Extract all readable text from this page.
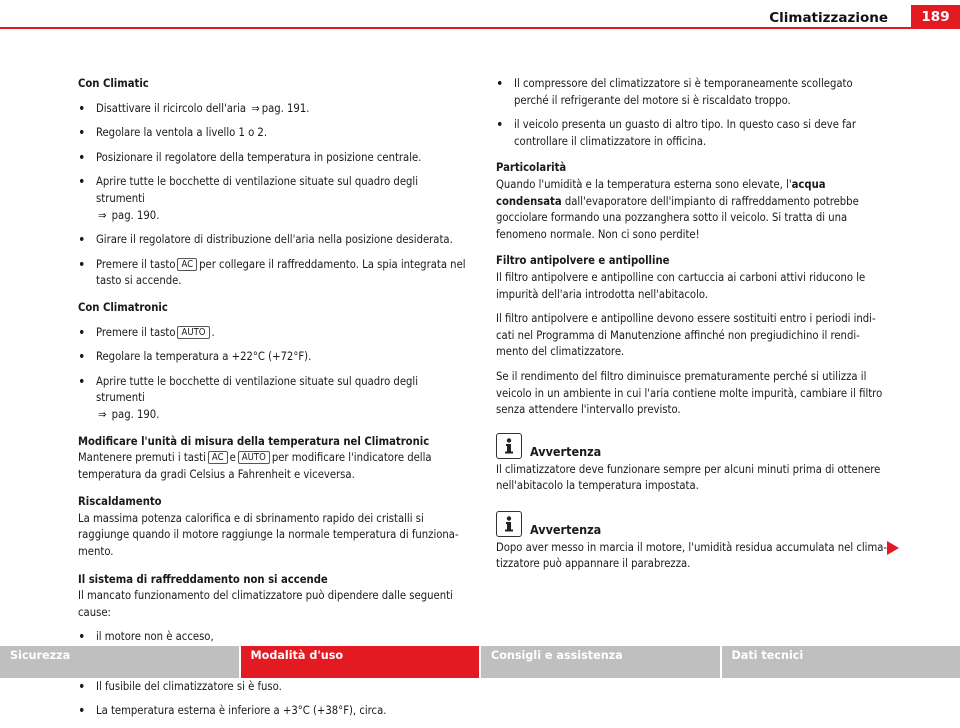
Climatizzazione	189
Con Climatic
• Disattivare il ricircolo dell'aria ⇒ pag. 191.
• Regolare la ventola a livello 1 o 2.
• Posizionare il regolatore della temperatura in posizione centrale.
• Aprire tutte le bocchette di ventilazione situate sul quadro degli strumenti
⇒ pag. 190.
• Girare il regolatore di distribuzione dell'aria nella posizione desiderata.
• Premere il tasto AC per collegare il raffreddamento. La spia integrata nel tasto si accende.
Con Climatronic
• Premere il tasto AUTO .
• Regolare la temperatura a +22°C (+72°F).
• Aprire tutte le bocchette di ventilazione situate sul quadro degli strumenti
⇒ pag. 190.
Modificare l'unità di misura della temperatura nel Climatronic

Mantenere premuti i tasti AC e AUTO per modificare l'indicatore della temperatura da gradi Celsius a Fahrenheit e viceversa.

Riscaldamento

La massima potenza calorifica e di sbrinamento rapido dei cristalli si raggiunge quando il motore raggiunge la normale temperatura di funziona-mento.

Il sistema di raffreddamento non si accende

Il mancato funzionamento del climatizzatore può dipendere dalle seguenti cause:

• il motore non è acceso,
• Il fusibile del climatizzatore si è fuso.
• La temperatura esterna è inferiore a +3°C (+38°F), circa.
• Il compressore del climatizzatore si è temporaneamente scollegato perché il refrigerante del motore si è riscaldato troppo.
• il veicolo presenta un guasto di altro tipo. In questo caso si deve far controllare il climatizzatore in officina.
Particolarità

Quando l'umidità e la temperatura esterna sono elevate, l'acqua condensata dall'evaporatore dell'impianto di raffreddamento potrebbe gocciolare formando una pozzanghera sotto il veicolo. Si tratta di una fenomeno normale. Non ci sono perdite!

Filtro antipolvere e antipolline

Il filtro antipolvere e antipolline con cartuccia ai carboni attivi riducono le impurità dell'aria introdotta nell'abitacolo.

Il filtro antipolvere e antipolline devono essere sostituiti entro i periodi indi-cati nel Programma di Manutenzione affinché non pregiudichino il rendi-mento del climatizzatore.

Se il rendimento del filtro diminuisce prematuramente perché si utilizza il veicolo in un ambiente in cui l'aria contiene molte impurità, cambiare il filtro senza attendere l'intervallo previsto.

Avvertenza

Il climatizzatore deve funzionare sempre per alcuni minuti prima di ottenere nell'abitacolo la temperatura impostata.

Avvertenza

Dopo aver messo in marcia il motore, l'umidità residua accumulata nel clima-tizzatore può appannare il parabrezza.

Sicurezza	Modalità d'uso	Consigli e assistenza	Dati tecnici
